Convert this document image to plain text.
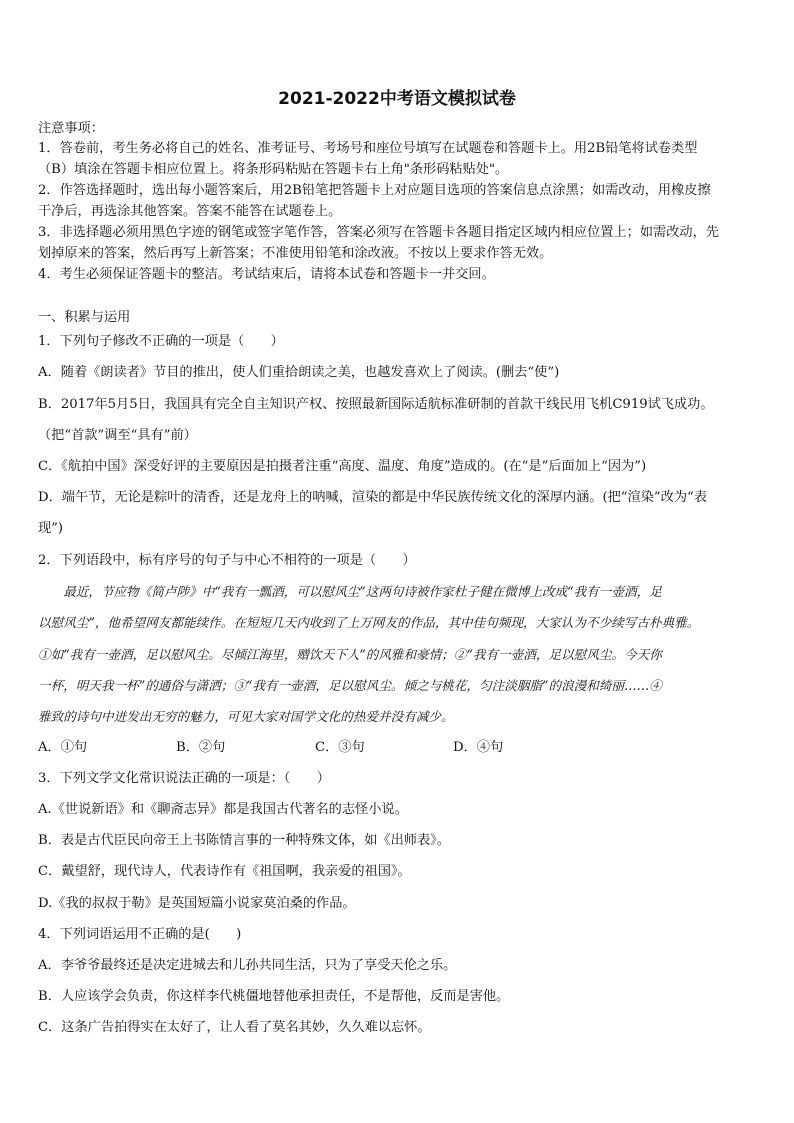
2021-2022中考语文模拟试卷
注意事项：
1．答卷前，考生务必将自己的姓名、准考证号、考场号和座位号填写在试题卷和答题卡上。用2B铅笔将试卷类型
（B）填涂在答题卡相应位置上。将条形码粘贴在答题卡右上角"条形码粘贴处"。
2．作答选择题时，选出每小题答案后，用2B铅笔把答题卡上对应题目选项的答案信息点涂黑；如需改动，用橡皮擦
干净后，再选涂其他答案。答案不能答在试题卷上。
3．非选择题必须用黑色字迹的钢笔或签字笔作答，答案必须写在答题卡各题目指定区域内相应位置上；如需改动，先
划掉原来的答案，然后再写上新答案；不准使用铅笔和涂改液。不按以上要求作答无效。
4．考生必须保证答题卡的整洁。考试结束后，请将本试卷和答题卡一并交回。
一、积累与运用
1．下列句子修改不正确的一项是（　　）
A．随着《朗读者》节目的推出，使人们重拾朗读之美，也越发喜欢上了阅读。(删去“使”)
B．2017年5月5日，我国具有完全自主知识产权、按照最新国际适航标准研制的首款干线民用飞机C919试飞成功。
（把“首款”调至“具有”前）
C．《航拍中国》深受好评的主要原因是拍摄者注重“高度、温度、角度”造成的。(在“是”后面加上“因为”)
D．端午节，无论是粽叶的清香，还是龙舟上的呐喊，渲染的都是中华民族传统文化的深厚内涵。(把“渲染”改为“表
现”)
2．下列语段中，标有序号的句子与中心不相符的一项是（　　）
　　最近，节应物《简卢陟》中“我有一瓢酒，可以慰风尘”这两句诗被作家杜子健在微博上改成“我有一壶酒，足
以慰风尘”，他希望网友都能续作。在短短几天内收到了上万网友的作品，其中佳句频现，大家认为不少续写古朴典雅。
①如“我有一壶酒，足以慰风尘。尽倾江海里，赠饮天下人”的风雅和豪情；②“我有一壶酒，足以慰风尘。今天你
一杯，明天我一杯”的通俗与潇洒；③“我有一壶酒，足以慰风尘。倾之与桃花，匀注淡胭脂”的浪漫和绮丽……④
雅致的诗句中迸发出无穷的魅力，可见大家对国学文化的热爱并没有减少。
A．①句	B．②句	C．③句	D．④句
3．下列文学文化常识说法正确的一项是：（　　）
A.《世说新语》和《聊斋志异》都是我国古代著名的志怪小说。
B．表是古代臣民向帝王上书陈情言事的一种特殊文体，如《出师表》。
C．戴望舒，现代诗人，代表诗作有《祖国啊，我亲爱的祖国》。
D.《我的叔叔于勒》是英国短篇小说家莫泊桑的作品。
4．下列词语运用不正确的是(　　)
A．李爷爷最终还是决定进城去和儿孙共同生活，只为了享受天伦之乐。
B．人应该学会负责，你这样李代桃僵地替他承担责任，不是帮他，反而是害他。
C．这条广告拍得实在太好了，让人看了莫名其妙，久久难以忘怀。
